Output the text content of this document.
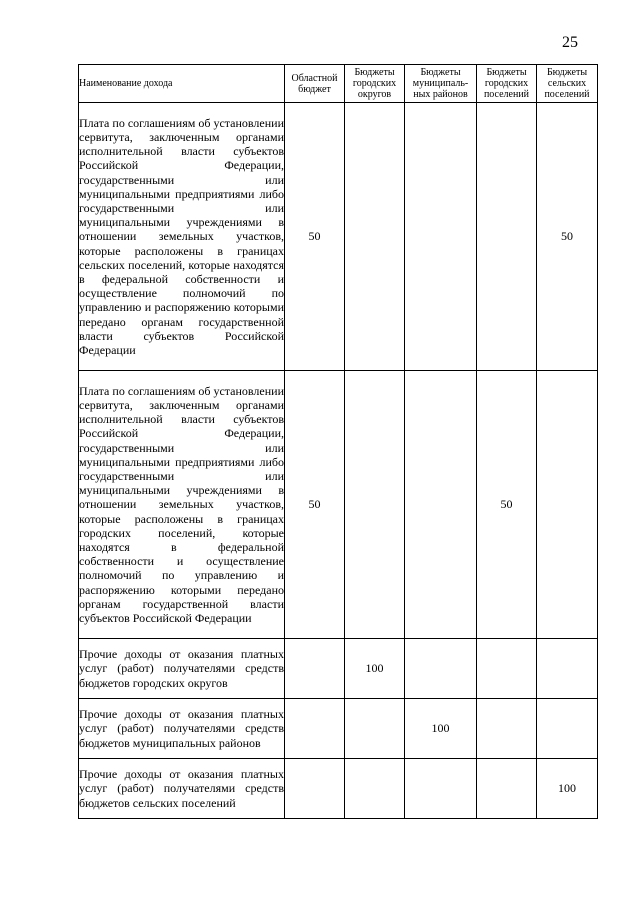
25
Наименование дохода	Областной бюджет	Бюджеты городских округов	Бюджеты муниципаль-ных районов	Бюджеты городских поселений	Бюджеты сельских поселений
Плата по соглашениям об установлении сервитута, заключенным органами исполнительной власти субъектов Российской Федерации, государственными или муниципальными предприятиями либо государственными или муниципальными учреждениями в отношении земельных участков, которые расположены в границах сельских поселений, которые находятся в федеральной собственности и осуществление полномочий по управлению и распоряжению которыми передано органам государственной власти субъектов Российской Федерации	50				50
Плата по соглашениям об установлении сервитута, заключенным органами исполнительной власти субъектов Российской Федерации, государственными или муниципальными предприятиями либо государственными или муниципальными учреждениями в отношении земельных участков, которые расположены в границах городских поселений, которые находятся в федеральной собственности и осуществление полномочий по управлению и распоряжению которыми передано органам государственной власти субъектов Российской Федерации	50			50	
Прочие доходы от оказания платных услуг (работ) получателями средств бюджетов городских округов		100			
Прочие доходы от оказания платных услуг (работ) получателями средств бюджетов муниципальных районов			100		
Прочие доходы от оказания платных услуг (работ) получателями средств бюджетов сельских поселений					100
